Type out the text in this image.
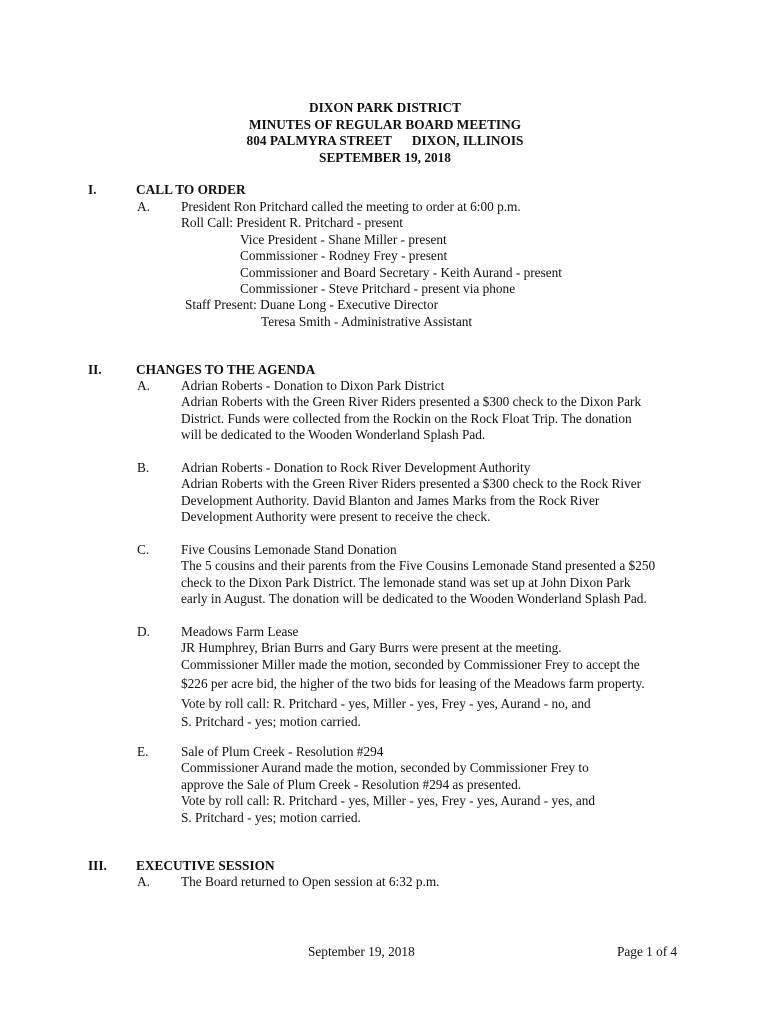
DIXON PARK DISTRICT
MINUTES OF REGULAR BOARD MEETING
804 PALMYRA STREET DIXON, ILLINOIS
SEPTEMBER 19, 2018
I.	CALL TO ORDER
A. President Ron Pritchard called the meeting to order at 6:00 p.m.
Roll Call: President R. Pritchard - present
Vice President - Shane Miller - present
Commissioner - Rodney Frey - present
Commissioner and Board Secretary - Keith Aurand - present
Commissioner - Steve Pritchard - present via phone
Staff Present: Duane Long - Executive Director
Teresa Smith - Administrative Assistant
II.	CHANGES TO THE AGENDA
A. Adrian Roberts - Donation to Dixon Park District
Adrian Roberts with the Green River Riders presented a $300 check to the Dixon Park
District. Funds were collected from the Rockin on the Rock Float Trip. The donation
will be dedicated to the Wooden Wonderland Splash Pad.
B. Adrian Roberts - Donation to Rock River Development Authority
Adrian Roberts with the Green River Riders presented a $300 check to the Rock River
Development Authority. David Blanton and James Marks from the Rock River
Development Authority were present to receive the check.
C. Five Cousins Lemonade Stand Donation
The 5 cousins and their parents from the Five Cousins Lemonade Stand presented a $250
check to the Dixon Park District. The lemonade stand was set up at John Dixon Park
early in August. The donation will be dedicated to the Wooden Wonderland Splash Pad.
D. Meadows Farm Lease
JR Humphrey, Brian Burrs and Gary Burrs were present at the meeting.
Commissioner Miller made the motion, seconded by Commissioner Frey to accept the
$226 per acre bid, the higher of the two bids for leasing of the Meadows farm property.
Vote by roll call: R. Pritchard - yes, Miller - yes, Frey - yes, Aurand - no, and
S. Pritchard - yes; motion carried.
E. Sale of Plum Creek - Resolution #294
Commissioner Aurand made the motion, seconded by Commissioner Frey to
approve the Sale of Plum Creek - Resolution #294 as presented.
Vote by roll call: R. Pritchard - yes, Miller - yes, Frey - yes, Aurand - yes, and
S. Pritchard - yes; motion carried.
III. EXECUTIVE SESSION
A. The Board returned to Open session at 6:32 p.m.
September 19, 2018	Page 1 of 4
